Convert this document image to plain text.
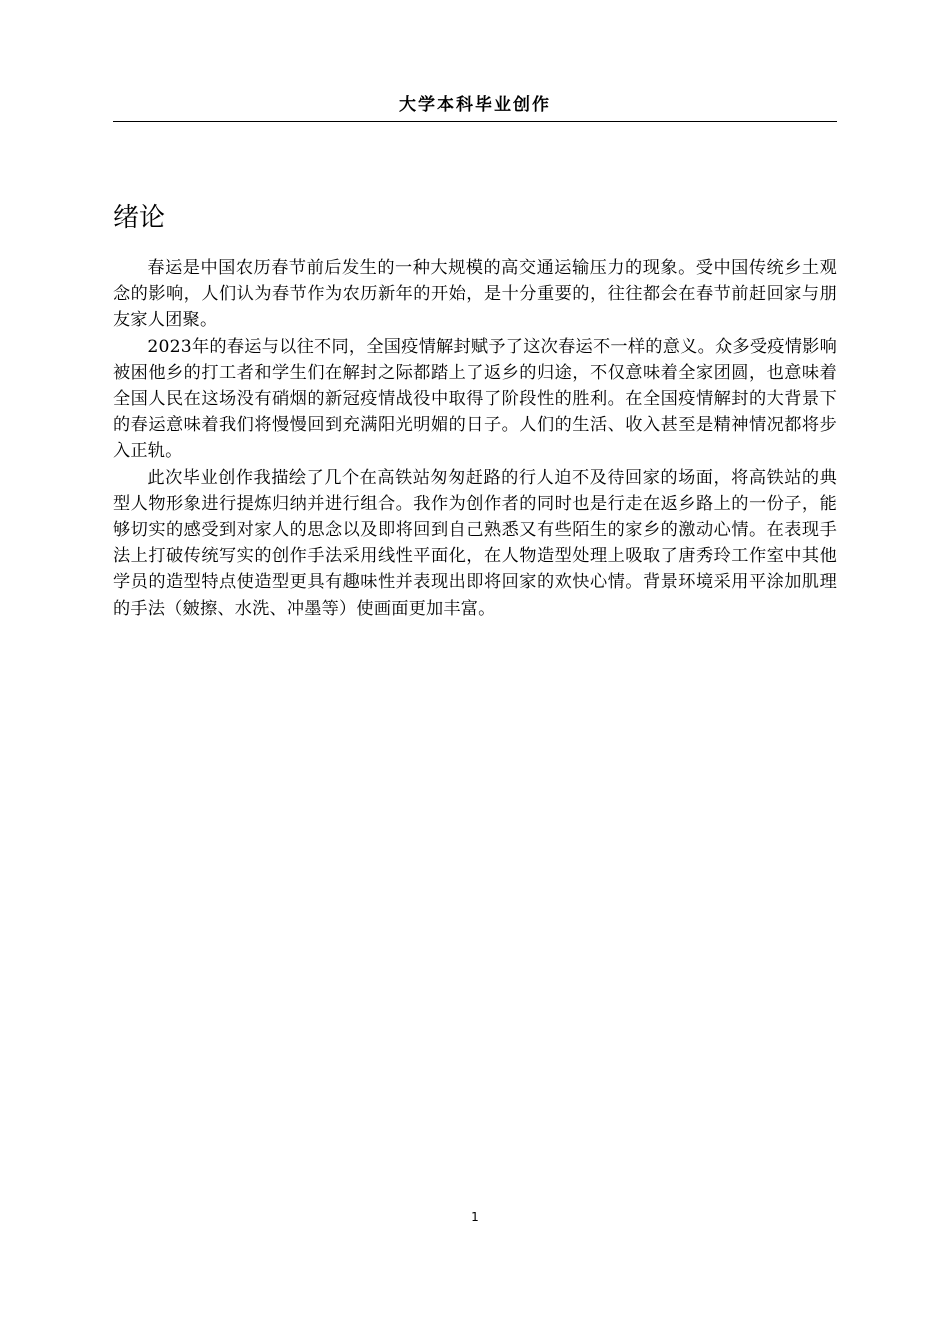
大学本科毕业创作
绪论

春运是中国农历春节前后发生的一种大规模的高交通运输压力的现象。受中国传统乡土观念的影响，人们认为春节作为农历新年的开始，是十分重要的，往往都会在春节前赶回家与朋友家人团聚。

2023年的春运与以往不同，全国疫情解封赋予了这次春运不一样的意义。众多受疫情影响被困他乡的打工者和学生们在解封之际都踏上了返乡的归途，不仅意味着全家团圆，也意味着全国人民在这场没有硝烟的新冠疫情战役中取得了阶段性的胜利。在全国疫情解封的大背景下的春运意味着我们将慢慢回到充满阳光明媚的日子。人们的生活、收入甚至是精神情况都将步入正轨。

此次毕业创作我描绘了几个在高铁站匆匆赶路的行人迫不及待回家的场面，将高铁站的典型人物形象进行提炼归纳并进行组合。我作为创作者的同时也是行走在返乡路上的一份子，能够切实的感受到对家人的思念以及即将回到自己熟悉又有些陌生的家乡的激动心情。在表现手法上打破传统写实的创作手法采用线性平面化，在人物造型处理上吸取了唐秀玲工作室中其他学员的造型特点使造型更具有趣味性并表现出即将回家的欢快心情。背景环境采用平涂加肌理的手法（皴擦、水洗、冲墨等）使画面更加丰富。

1
